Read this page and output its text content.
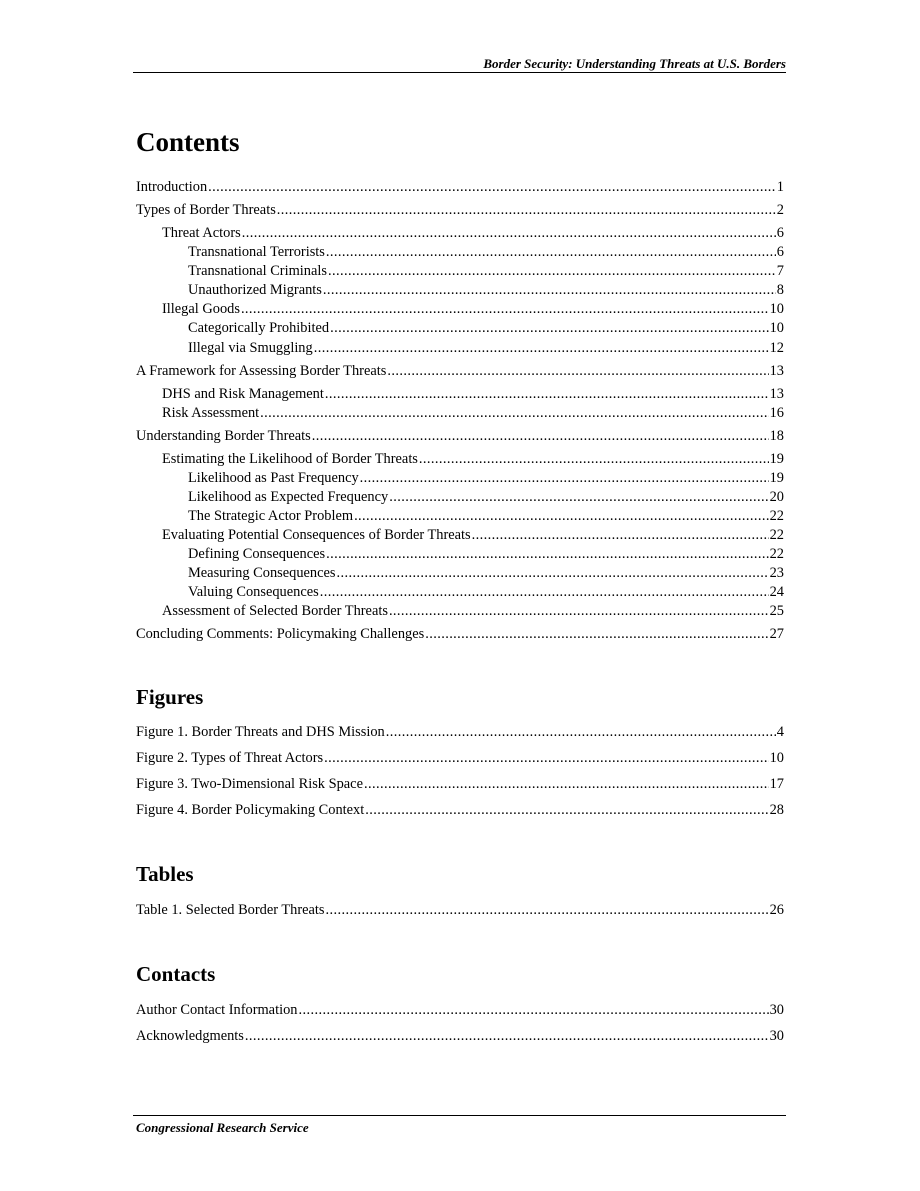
Border Security: Understanding Threats at U.S. Borders
Contents
Introduction .....	1
Types of Border Threats .....	2
Threat Actors .....	6
Transnational Terrorists .....	6
Transnational Criminals .....	7
Unauthorized Migrants .....	8
Illegal Goods .....	10
Categorically Prohibited .....	10
Illegal via Smuggling .....	12
A Framework for Assessing Border Threats .....	13
DHS and Risk Management .....	13
Risk Assessment .....	16
Understanding Border Threats .....	18
Estimating the Likelihood of Border Threats .....	19
Likelihood as Past Frequency .....	19
Likelihood as Expected Frequency .....	20
The Strategic Actor Problem .....	22
Evaluating Potential Consequences of Border Threats .....	22
Defining Consequences .....	22
Measuring Consequences .....	23
Valuing Consequences .....	24
Assessment of Selected Border Threats .....	25
Concluding Comments: Policymaking Challenges .....	27
Figures
Figure 1. Border Threats and DHS Mission .....	4
Figure 2. Types of Threat Actors .....	10
Figure 3. Two-Dimensional Risk Space .....	17
Figure 4. Border Policymaking Context .....	28
Tables
Table 1. Selected Border Threats .....	26
Contacts
Author Contact Information .....	30
Acknowledgments .....	30
Congressional Research Service
